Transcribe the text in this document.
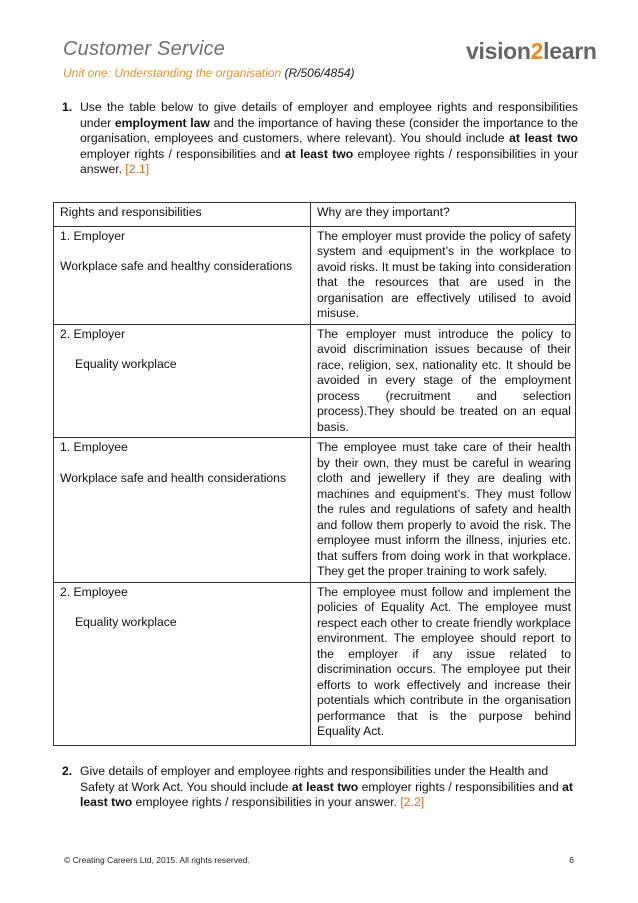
Customer Service
Unit one: Understanding the organisation (R/506/4854)
vision2learn
1. Use the table below to give details of employer and employee rights and responsibilities under employment law and the importance of having these (consider the importance to the organisation, employees and customers, where relevant). You should include at least two employer rights / responsibilities and at least two employee rights / responsibilities in your answer. [2.1]
Rights and responsibilities	Why are they important?

1. Employer
Workplace safe and healthy considerations	The employer must provide the policy of safety system and equipment’s in the workplace to avoid risks. It must be taking into consideration that the resources that are used in the organisation are effectively utilised to avoid misuse.

2. Employer
Equality workplace	The employer must introduce the policy to avoid discrimination issues because of their race, religion, sex, nationality etc. It should be avoided in every stage of the employment process (recruitment and selection process).They should be treated on an equal basis.

1. Employee
Workplace safe and health considerations	The employee must take care of their health by their own, they must be careful in wearing cloth and jewellery if they are dealing with machines and equipment’s. They must follow the rules and regulations of safety and health and follow them properly to avoid the risk. The employee must inform the illness, injuries etc. that suffers from doing work in that workplace. They get the proper training to work safely.

2. Employee
Equality workplace	The employee must follow and implement the policies of Equality Act. The employee must respect each other to create friendly workplace environment. The employee should report to the employer if any issue related to discrimination occurs. The employee put their efforts to work effectively and increase their potentials which contribute in the organisation performance that is the purpose behind Equality Act.
2. Give details of employer and employee rights and responsibilities under the Health and Safety at Work Act. You should include at least two employer rights / responsibilities and at least two employee rights / responsibilities in your answer. [2.2]
© Creating Careers Ltd, 2015. All rights reserved.	6
